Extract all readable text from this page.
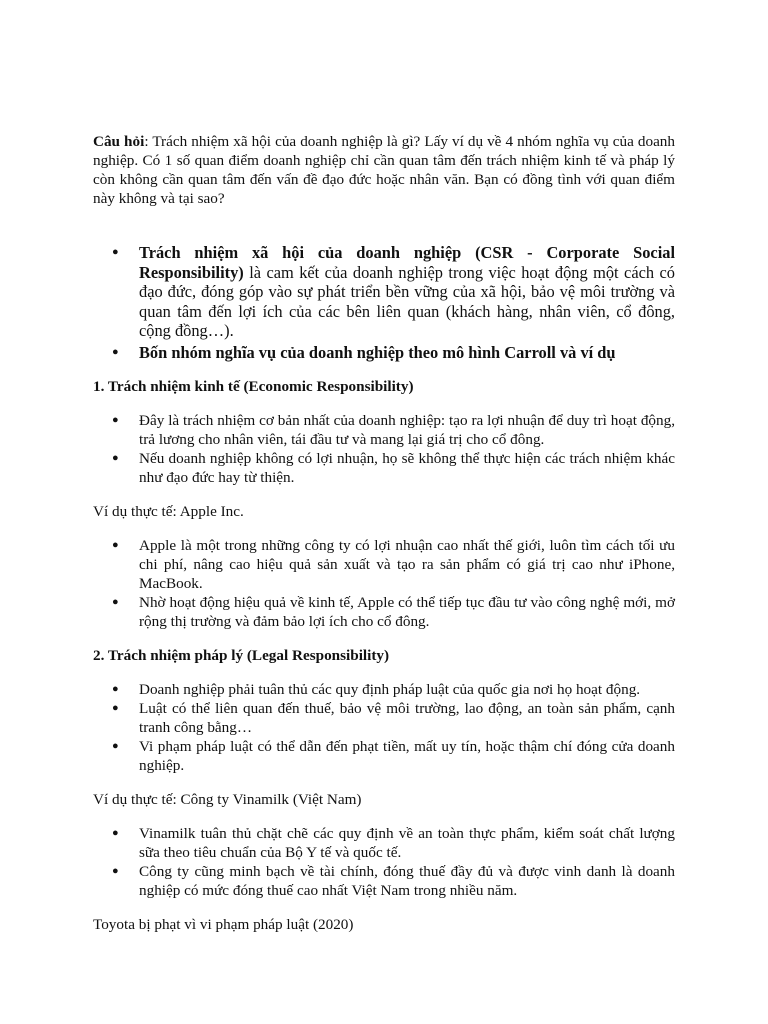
Câu hỏi: Trách nhiệm xã hội của doanh nghiệp là gì? Lấy ví dụ về 4 nhóm nghĩa vụ của doanh nghiệp. Có 1 số quan điểm doanh nghiệp chỉ cần quan tâm đến trách nhiệm kinh tế và pháp lý còn không cần quan tâm đến vấn đề đạo đức hoặc nhân văn. Bạn có đồng tình với quan điểm này không và tại sao?

● Trách nhiệm xã hội của doanh nghiệp (CSR - Corporate Social Responsibility) là cam kết của doanh nghiệp trong việc hoạt động một cách có đạo đức, đóng góp vào sự phát triển bền vững của xã hội, bảo vệ môi trường và quan tâm đến lợi ích của các bên liên quan (khách hàng, nhân viên, cổ đông, cộng đồng…).
● Bốn nhóm nghĩa vụ của doanh nghiệp theo mô hình Carroll và ví dụ

1. Trách nhiệm kinh tế (Economic Responsibility)

● Đây là trách nhiệm cơ bản nhất của doanh nghiệp: tạo ra lợi nhuận để duy trì hoạt động, trả lương cho nhân viên, tái đầu tư và mang lại giá trị cho cổ đông.
● Nếu doanh nghiệp không có lợi nhuận, họ sẽ không thể thực hiện các trách nhiệm khác như đạo đức hay từ thiện.

Ví dụ thực tế: Apple Inc.

● Apple là một trong những công ty có lợi nhuận cao nhất thế giới, luôn tìm cách tối ưu chi phí, nâng cao hiệu quả sản xuất và tạo ra sản phẩm có giá trị cao như iPhone, MacBook.
● Nhờ hoạt động hiệu quả về kinh tế, Apple có thể tiếp tục đầu tư vào công nghệ mới, mở rộng thị trường và đảm bảo lợi ích cho cổ đông.

2. Trách nhiệm pháp lý (Legal Responsibility)

● Doanh nghiệp phải tuân thủ các quy định pháp luật của quốc gia nơi họ hoạt động.
● Luật có thể liên quan đến thuế, bảo vệ môi trường, lao động, an toàn sản phẩm, cạnh tranh công bằng…
● Vi phạm pháp luật có thể dẫn đến phạt tiền, mất uy tín, hoặc thậm chí đóng cửa doanh nghiệp.

Ví dụ thực tế: Công ty Vinamilk (Việt Nam)

● Vinamilk tuân thủ chặt chẽ các quy định về an toàn thực phẩm, kiểm soát chất lượng sữa theo tiêu chuẩn của Bộ Y tế và quốc tế.
● Công ty cũng minh bạch về tài chính, đóng thuế đầy đủ và được vinh danh là doanh nghiệp có mức đóng thuế cao nhất Việt Nam trong nhiều năm.

Toyota bị phạt vì vi phạm pháp luật (2020)
